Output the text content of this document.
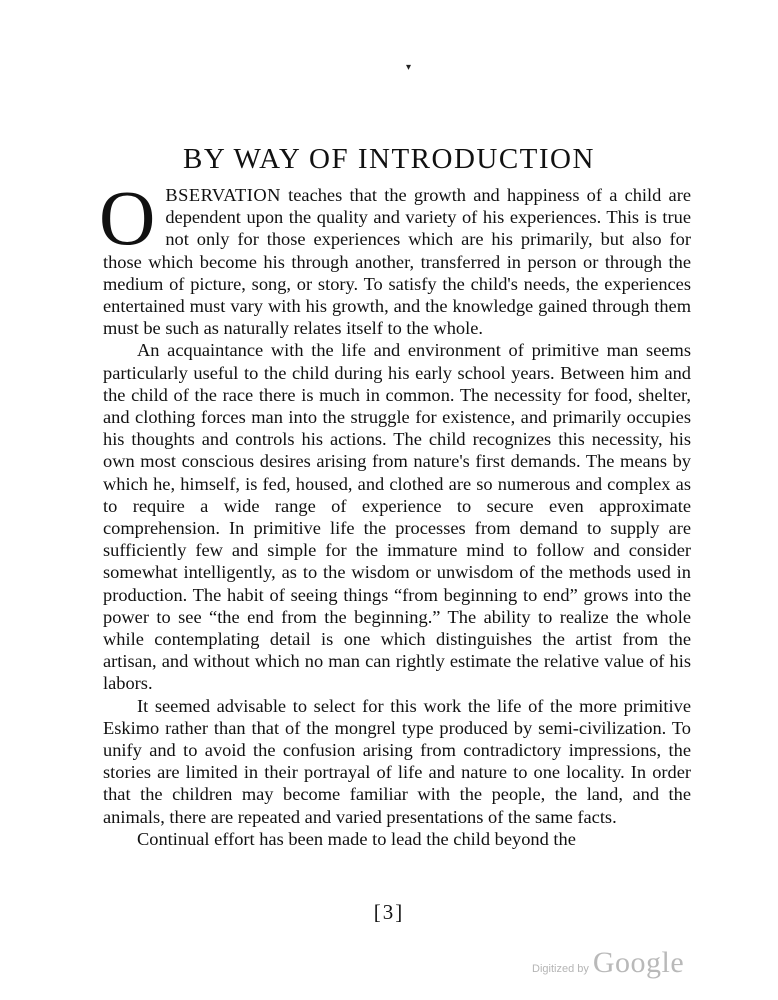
▾
BY WAY OF INTRODUCTION

OBSERVATION teaches that the growth and happiness of a child are dependent upon the quality and variety of his experiences. This is true not only for those experiences which are his primarily, but also for those which become his through another, transferred in person or through the medium of picture, song, or story. To satisfy the child's needs, the experiences entertained must vary with his growth, and the knowledge gained through them must be such as naturally relates itself to the whole.

An acquaintance with the life and environment of primitive man seems particularly useful to the child during his early school years. Between him and the child of the race there is much in common. The necessity for food, shelter, and clothing forces man into the struggle for existence, and primarily occupies his thoughts and controls his actions. The child recognizes this necessity, his own most conscious desires arising from nature's first demands. The means by which he, himself, is fed, housed, and clothed are so numerous and complex as to require a wide range of experience to secure even approximate comprehension. In primitive life the processes from demand to supply are sufficiently few and simple for the immature mind to follow and consider somewhat intelligently, as to the wisdom or unwisdom of the methods used in production. The habit of seeing things “from beginning to end” grows into the power to see “the end from the beginning.” The ability to realize the whole while contemplating detail is one which distinguishes the artist from the artisan, and without which no man can rightly estimate the relative value of his labors.

It seemed advisable to select for this work the life of the more primitive Eskimo rather than that of the mongrel type produced by semi-civilization. To unify and to avoid the confusion arising from contradictory impressions, the stories are limited in their portrayal of life and nature to one locality. In order that the children may become familiar with the people, the land, and the animals, there are repeated and varied presentations of the same facts.

Continual effort has been made to lead the child beyond the

[3]
Digitized by Google
